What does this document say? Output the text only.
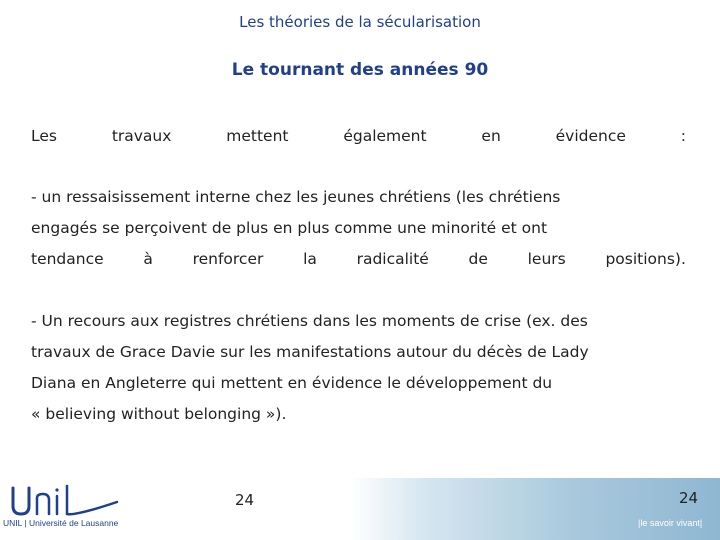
Les théories de la sécularisation
Le tournant des années 90
Les	travaux	mettent	également	en	évidence	:
- un ressaisissement interne chez les jeunes chrétiens (les chrétiens
engagés se perçoivent de plus en plus comme une minorité et ont
tendance	à	renforcer	la	radicalité	de	leurs	positions).
- Un recours aux registres chrétiens dans les moments de crise (ex. des
travaux de Grace Davie sur les manifestations autour du décès de Lady
Diana en Angleterre qui mettent en évidence le développement du
« believing without belonging »).
UNIL | Université de Lausanne
24	24
|le savoir vivant|
